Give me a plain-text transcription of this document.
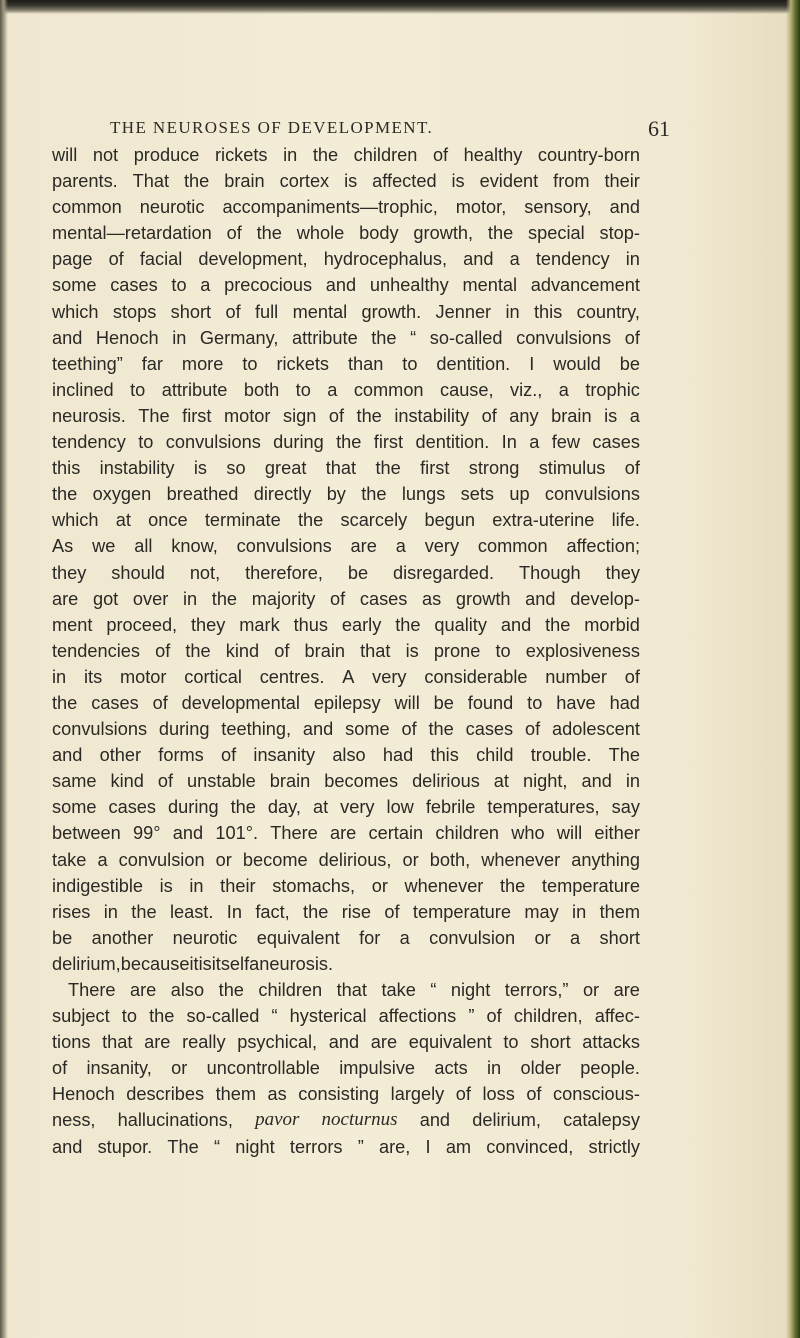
THE NEUROSES OF DEVELOPMENT.	61
will not produce rickets in the children of healthy country-born
parents. That the brain cortex is affected is evident from their
common neurotic accompaniments—trophic, motor, sensory, and
mental—retardation of the whole body growth, the special stop-
page of facial development, hydrocephalus, and a tendency in
some cases to a precocious and unhealthy mental advancement
which stops short of full mental growth. Jenner in this country,
and Henoch in Germany, attribute the “ so-called convulsions of
teething” far more to rickets than to dentition. I would be
inclined to attribute both to a common cause, viz., a trophic
neurosis. The first motor sign of the instability of any brain is a
tendency to convulsions during the first dentition. In a few cases
this instability is so great that the first strong stimulus of
the oxygen breathed directly by the lungs sets up convulsions
which at once terminate the scarcely begun extra-uterine life.
As we all know, convulsions are a very common affection;
they should not, therefore, be disregarded. Though they
are got over in the majority of cases as growth and develop-
ment proceed, they mark thus early the quality and the morbid
tendencies of the kind of brain that is prone to explosiveness
in its motor cortical centres. A very considerable number of
the cases of developmental epilepsy will be found to have had
convulsions during teething, and some of the cases of adolescent
and other forms of insanity also had this child trouble. The
same kind of unstable brain becomes delirious at night, and in
some cases during the day, at very low febrile temperatures, say
between 99° and 101°. There are certain children who will either
take a convulsion or become delirious, or both, whenever anything
indigestible is in their stomachs, or whenever the temperature
rises in the least. In fact, the rise of temperature may in them
be another neurotic equivalent for a convulsion or a short
delirium, because it is itself a neurosis.
There are also the children that take “ night terrors,” or are
subject to the so-called “ hysterical affections ” of children, affec-
tions that are really psychical, and are equivalent to short attacks
of insanity, or uncontrollable impulsive acts in older people.
Henoch describes them as consisting largely of loss of conscious-
ness, hallucinations, pavor nocturnus and delirium, catalepsy
and stupor. The “ night terrors ” are, I am convinced, strictly
